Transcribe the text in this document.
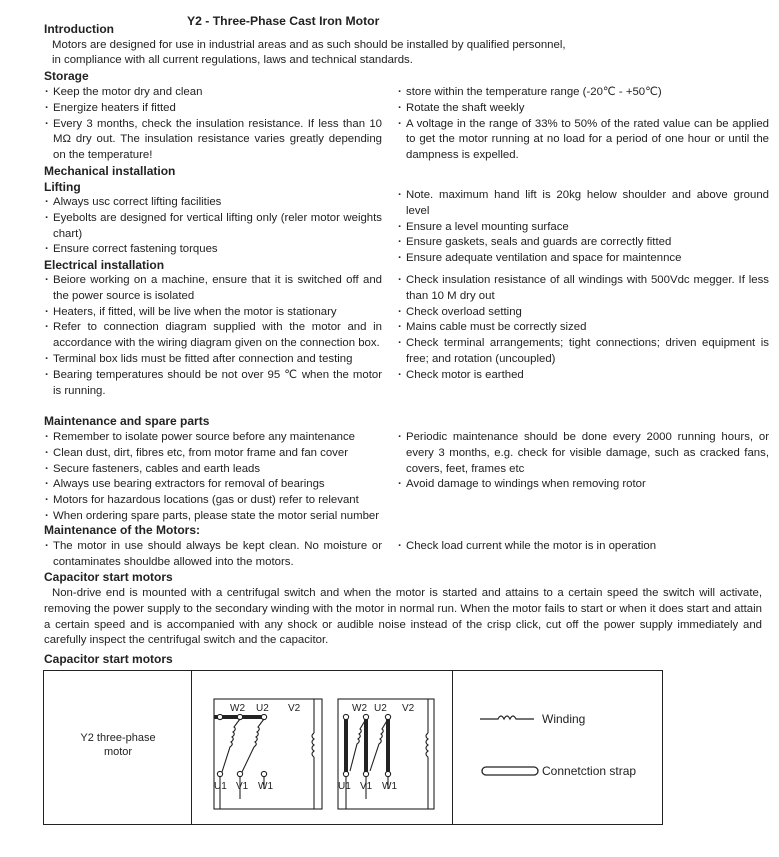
Y2 - Three-Phase Cast Iron Motor
Introduction
Motors are designed for use in industrial areas and as such should be installed by qualified personnel,
in compliance with all current regulations, laws and technical standards.
Storage
· Keep the motor dry and clean
· Energize heaters if fitted
· Every 3 months, check the insulation resistance. If less than 10 MΩ dry out. The insulation resistance varies greatly depending on the temperature!
· store within the temperature range (-20℃ - +50℃)
· Rotate the shaft weekly
· A voltage in the range of 33% to 50% of the rated value can be applied to get the motor running at no load for a period of one hour or until the dampness is expelled.
Mechanical installation
Lifting
· Always usc correct lifting facilities
· Eyebolts are designed for vertical lifting only (reler motor weights chart)
· Ensure correct fastening torques
· Note. maximum hand lift is 20kg helow shoulder and above ground level
· Ensure a level mounting surface
· Ensure gaskets, seals and guards are correctly fitted
· Ensure adequate ventilation and space for maintennce
Electrical installation
· Beiore working on a machine, ensure that it is switched off and the power source is isolated
· Heaters, if fitted, will be live when the motor is stationary
· Refer to connection diagram supplied with the motor and in accordance with the wiring diagram given on the connection box.
· Terminal box lids must be fitted after connection and testing
· Bearing temperatures should be not over 95 ℃ when the motor is running.
· Check insulation resistance of all windings with 500Vdc megger. If less than 10 M dry out
· Check overload setting
· Mains cable must be correctly sized
· Check terminal arrangements; tight connections; driven equipment is free; and rotation (uncoupled)
· Check motor is earthed
Maintenance and spare parts
· Remember to isolate power source before any maintenance
· Clean dust, dirt, fibres etc, from motor frame and fan cover
· Secure fasteners, cables and earth leads
· Always use bearing extractors for removal of bearings
· Motors for hazardous locations (gas or dust) refer to relevant
· When ordering spare parts, please state the motor serial number
· Periodic maintenance should be done every 2000 running hours, or every 3 months, e.g. check for visible damage, such as cracked fans, covers, feet, frames etc
· Avoid damage to windings when removing rotor
Maintenance of the Motors:
· The motor in use should always be kept clean. No moisture or contaminates shouldbe allowed into the motors.
· Check load current while the motor is in operation
Capacitor start motors
Non-drive end is mounted with a centrifugal switch and when the motor is started and attains to a certain speed the switch will activate, removing the power supply to the secondary winding with the motor in normal run. When the motor fails to start or when it does start and attain a certain speed and is accompanied with any shock or audible noise instead of the crisp click, cut off the power supply immediately and carefully inspect the centrifugal switch and the capacitor.
Capacitor start motors
Y2 three-phase
motor
W2 U2 V2
U1 V1 W1
W2 U2 V2
U1 V1 W1
Winding
Connetction strap
